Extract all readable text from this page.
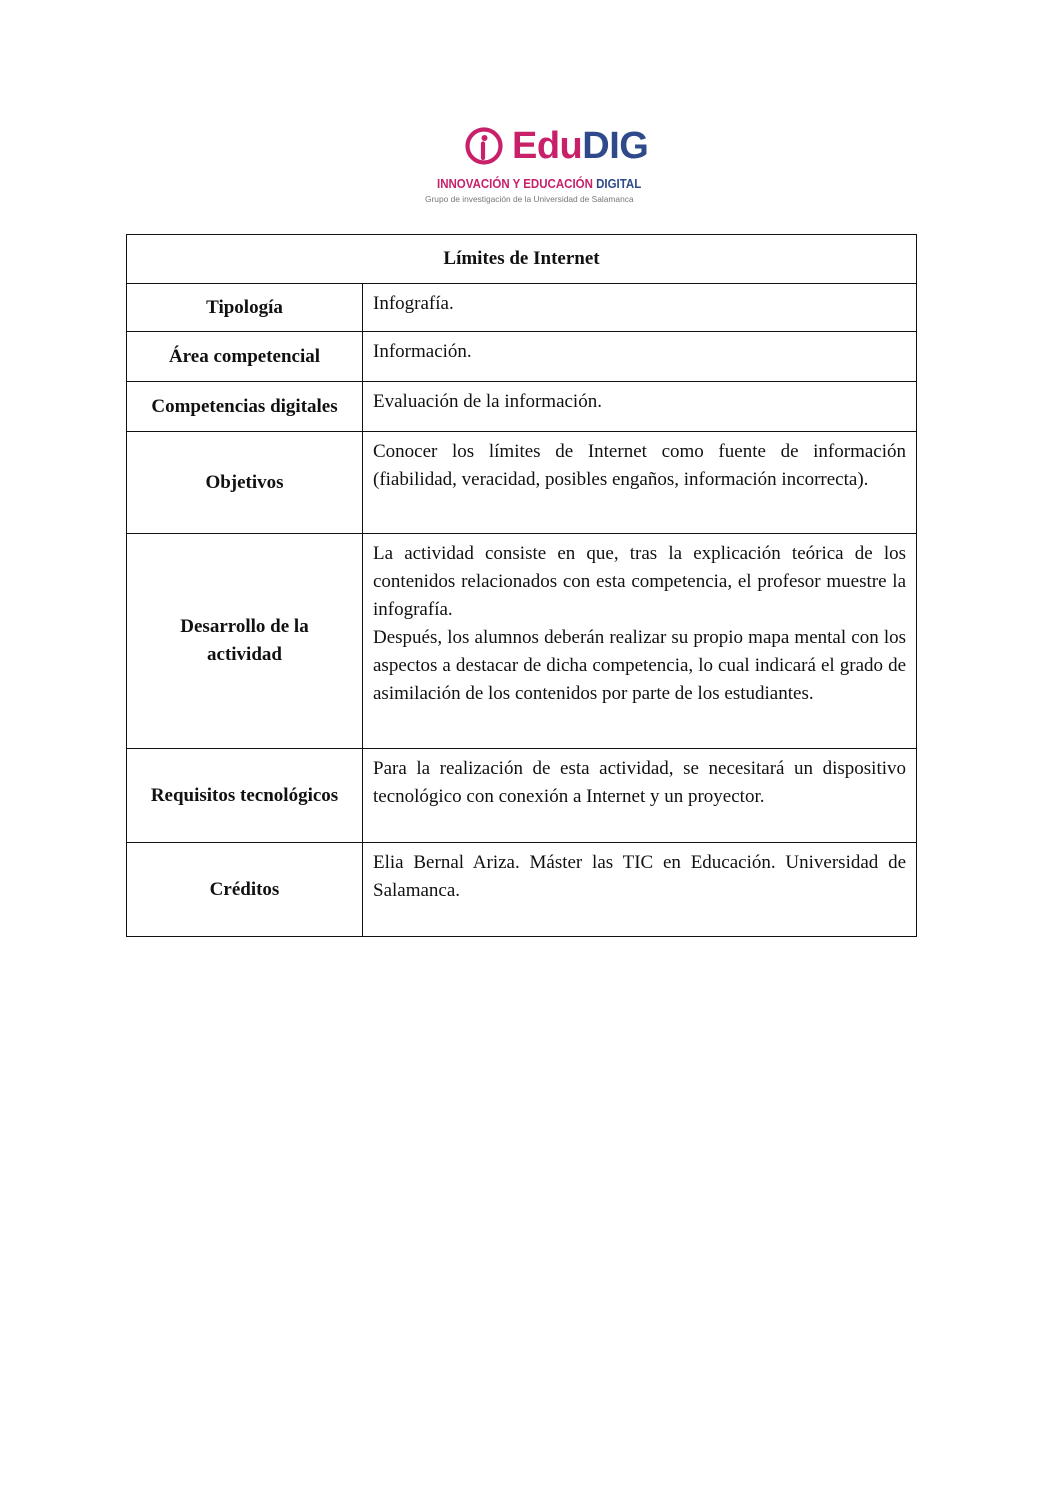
EduDIG
INNOVACIÓN Y EDUCACIÓN DIGITAL
Grupo de investigación de la Universidad de Salamanca
Límites de Internet	
Tipología	Infografía.
Área competencial	Información.
Competencias digitales	Evaluación de la información.
Objetivos	Conocer los límites de Internet como fuente de información (fiabilidad, veracidad, posibles engaños, información incorrecta).
Desarrollo de la actividad	La actividad consiste en que, tras la explicación teórica de los contenidos relacionados con esta competencia, el profesor muestre la infografía.

Después, los alumnos deberán realizar su propio mapa mental con los aspectos a destacar de dicha competencia, lo cual indicará el grado de asimilación de los contenidos por parte de los estudiantes.

Requisitos tecnológicos	Para la realización de esta actividad, se necesitará un dispositivo tecnológico con conexión a Internet y un proyector.
Créditos	Elia Bernal Ariza. Máster las TIC en Educación. Universidad de Salamanca.
